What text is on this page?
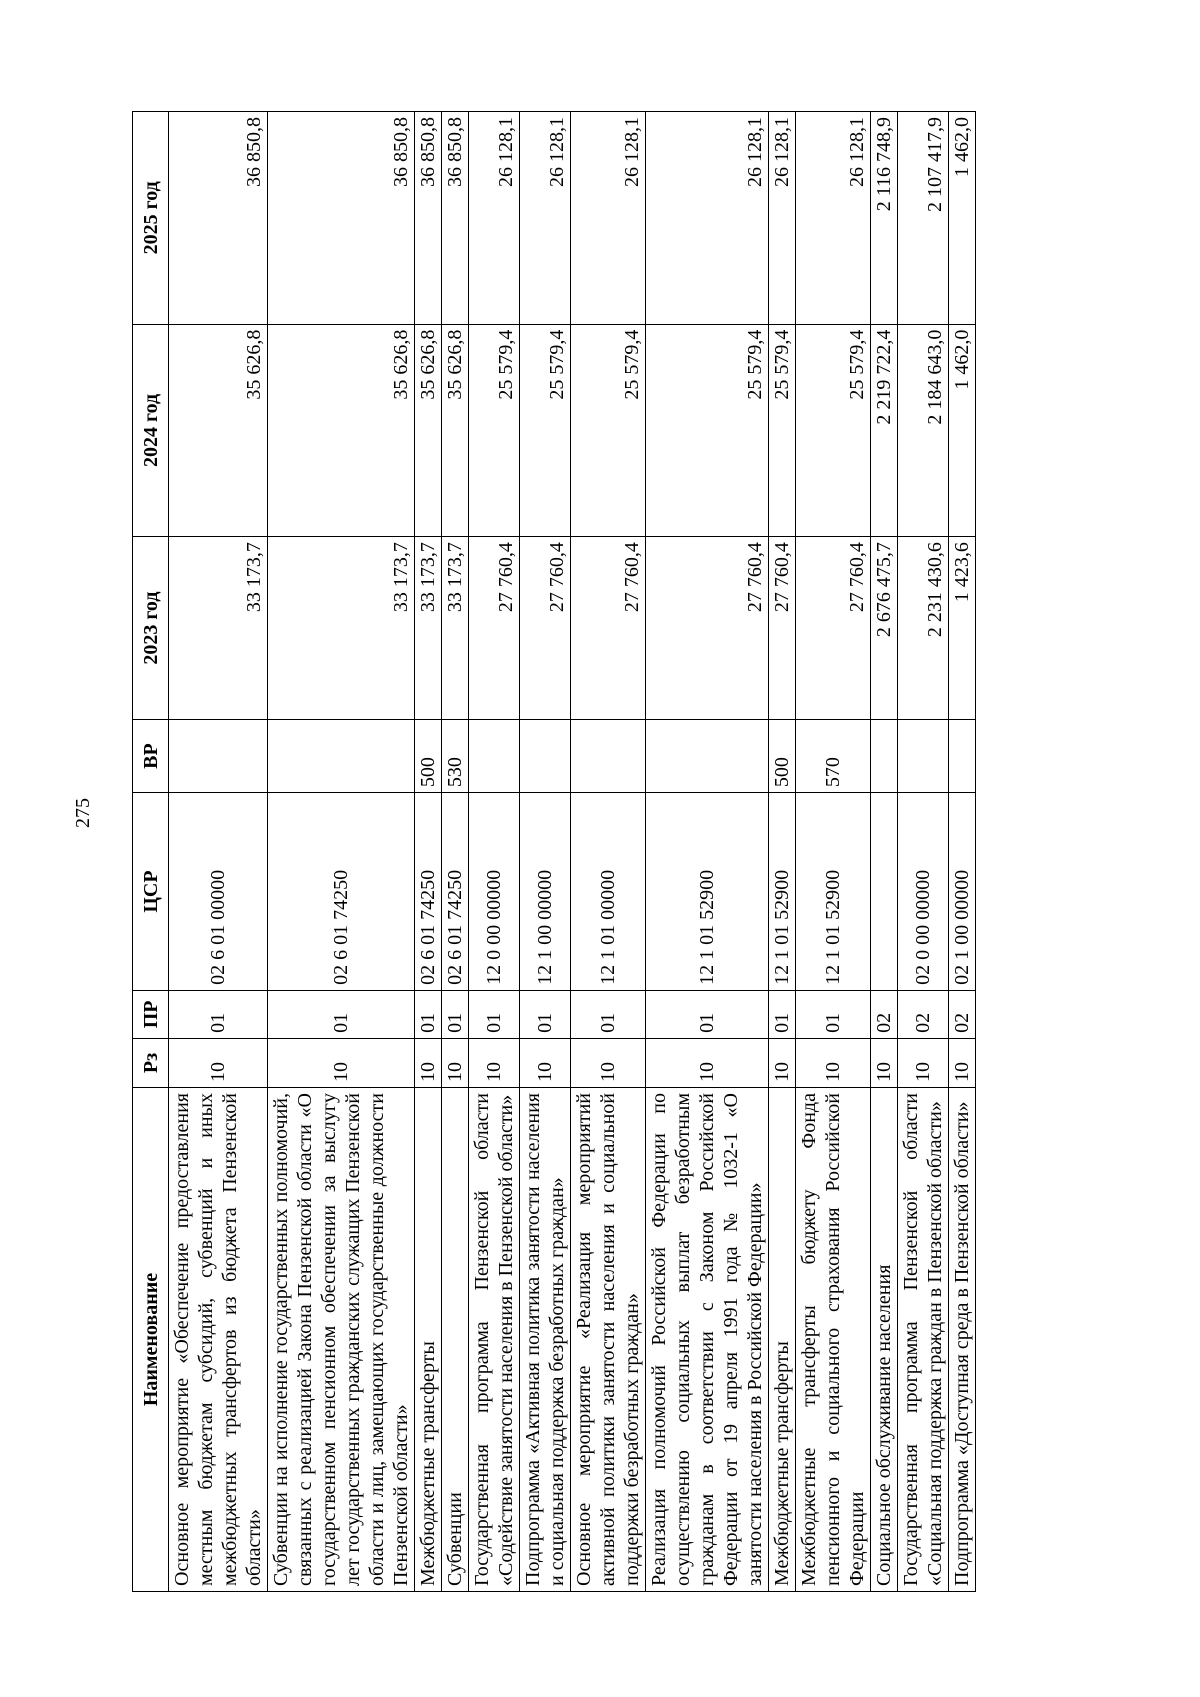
275
Наименование	Рз	ПР	ЦСР	ВР	2023 год	2024 год	2025 год
Основное мероприятие «Обеспечение предоставления местным бюджетам субсидий, субвенций и иных межбюджетных трансфертов из бюджета Пензенской области»	10	01	02 6 01 00000		33 173,7	35 626,8	36 850,8
Субвенции на исполнение государственных полномочий, связанных с реализацией Закона Пензенской области «О государственном пенсионном обеспечении за выслугу лет государственных гражданских служащих Пензенской области и лиц, замещающих государственные должности Пензенской области»	10	01	02 6 01 74250		33 173,7	35 626,8	36 850,8
Межбюджетные трансферты	10	01	02 6 01 74250	500	33 173,7	35 626,8	36 850,8
Субвенции	10	01	02 6 01 74250	530	33 173,7	35 626,8	36 850,8
Государственная программа Пензенской области «Содействие занятости населения в Пензенской области»	10	01	12 0 00 00000		27 760,4	25 579,4	26 128,1
Подпрограмма «Активная политика занятости населения и социальная поддержка безработных граждан»	10	01	12 1 00 00000		27 760,4	25 579,4	26 128,1
Основное мероприятие «Реализация мероприятий активной политики занятости населения и социальной поддержки безработных граждан»	10	01	12 1 01 00000		27 760,4	25 579,4	26 128,1
Реализация полномочий Российской Федерации по осуществлению социальных выплат безработным гражданам в соответствии с Законом Российской Федерации от 19 апреля 1991 года № 1032-1 «О занятости населения в Российской Федерации»	10	01	12 1 01 52900		27 760,4	25 579,4	26 128,1
Межбюджетные трансферты	10	01	12 1 01 52900	500	27 760,4	25 579,4	26 128,1
Межбюджетные трансферты бюджету Фонда пенсионного и социального страхования Российской Федерации	10	01	12 1 01 52900	570	27 760,4	25 579,4	26 128,1
Социальное обслуживание населения	10	02			2 676 475,7	2 219 722,4	2 116 748,9
Государственная программа Пензенской области «Социальная поддержка граждан в Пензенской области»	10	02	02 0 00 00000		2 231 430,6	2 184 643,0	2 107 417,9
Подпрограмма «Доступная среда в Пензенской области»	10	02	02 1 00 00000		1 423,6	1 462,0	1 462,0
